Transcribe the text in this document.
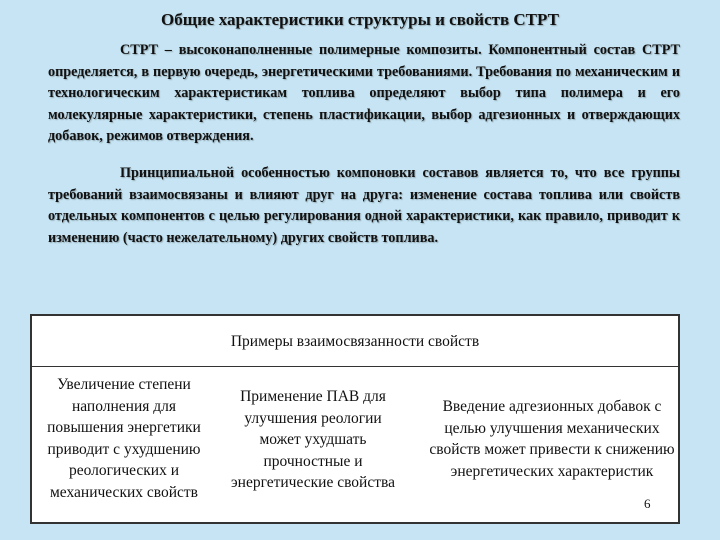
Общие характеристики структуры и свойств СТРТ

СТРТ – высоконаполненные полимерные композиты. Компонентный состав СТРТ определяется, в первую очередь, энергетическими требованиями. Требования по механическим и технологическим характеристикам топлива определяют выбор типа полимера и его молекулярные характеристики, степень пластификации, выбор адгезионных и отверждающих добавок, режимов отверждения.

Принципиальной особенностью компоновки составов является то, что все группы требований взаимосвязаны и влияют друг на друга: изменение состава топлива или свойств отдельных компонентов с целью регулирования одной характеристики, как правило, приводит к изменению (часто нежелательному) других свойств топлива.

Примеры взаимосвязанности свойств
Увеличение степени наполнения для повышения энергетики приводит с ухудшению реологических и механических свойств
Применение ПАВ для улучшения реологии может ухудшать прочностные и энергетические свойства
Введение адгезионных добавок с целью улучшения механических свойств может привести к снижению энергетических характеристик
6
